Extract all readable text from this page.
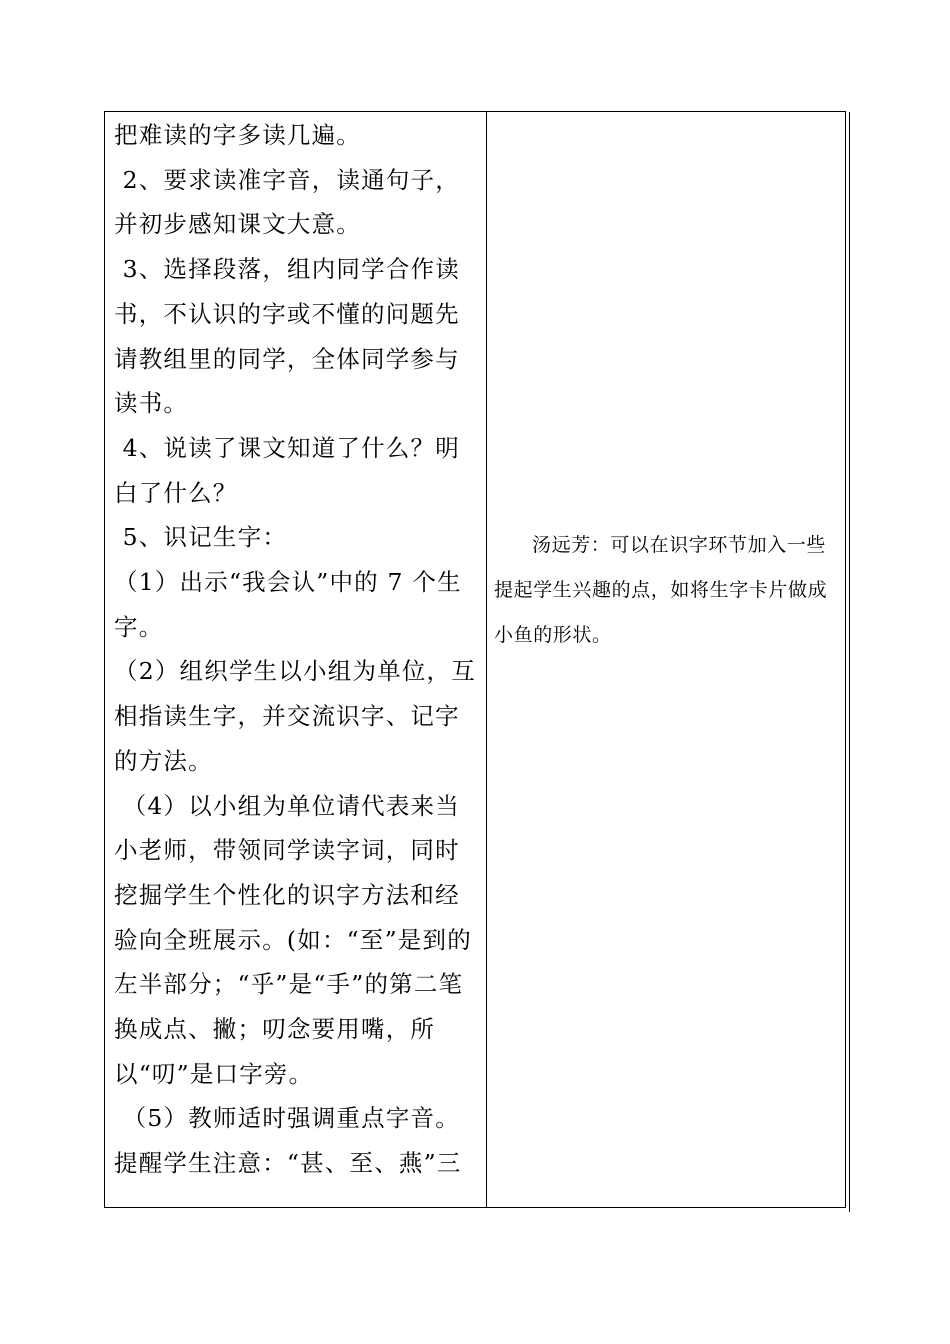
把难读的字多读几遍。

2、要求读准字音，读通句子，并初步感知课文大意。

3、选择段落，组内同学合作读书，不认识的字或不懂的问题先请教组里的同学，全体同学参与读书。

4、说读了课文知道了什么？明白了什么？

5、识记生字：

（1）出示“我会认”中的 7 个生字。

（2）组织学生以小组为单位，互相指读生字，并交流识字、记字的方法。

（4）以小组为单位请代表来当小老师，带领同学读字词，同时挖掘学生个性化的识字方法和经验向全班展示。(如：“至”是到的左半部分；“乎”是“手”的第二笔换成点、撇；叨念要用嘴，所以“叨”是口字旁。

（5）教师适时强调重点字音。提醒学生注意：“甚、至、燕”三

汤远芳：可以在识字环节加入一些提起学生兴趣的点，如将生字卡片做成小鱼的形状。
